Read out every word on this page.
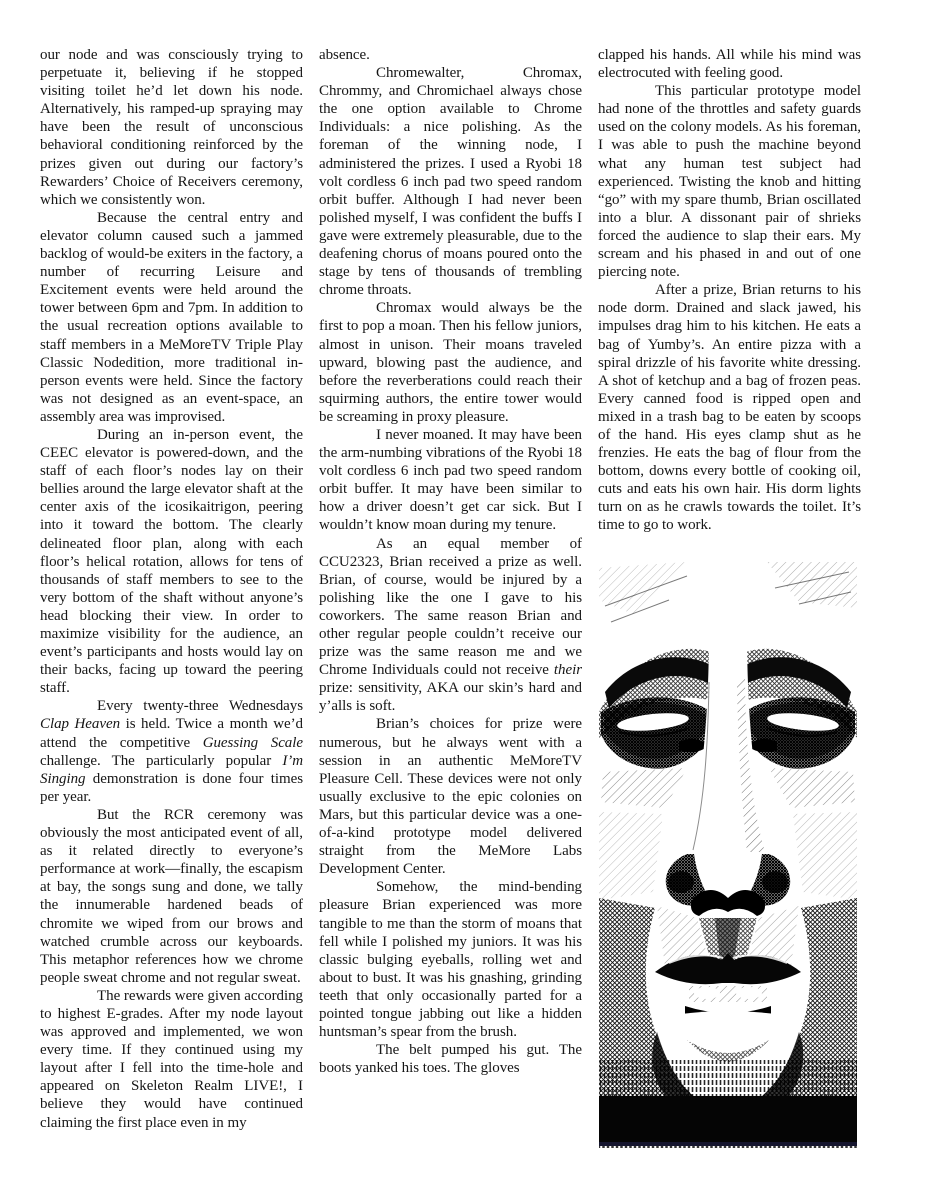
our node and was consciously trying to perpetuate it, believing if he stopped visiting toilet he’d let down his node. Alternatively, his ramped-up spraying may have been the result of unconscious behavioral conditioning reinforced by the prizes given out during our factory’s Rewarders’ Choice of Receivers ceremony, which we consistently won.

Because the central entry and elevator column caused such a jammed backlog of would-be exiters in the factory, a number of recurring Leisure and Excitement events were held around the tower between 6pm and 7pm. In addition to the usual recreation options available to staff members in a MeMoreTV Triple Play Classic Nodedition, more traditional in-person events were held. Since the factory was not designed as an event-space, an assembly area was improvised.

During an in-person event, the CEEC elevator is powered-down, and the staff of each floor’s nodes lay on their bellies around the large elevator shaft at the center axis of the icosikaitrigon, peering into it toward the bottom. The clearly delineated floor plan, along with each floor’s helical rotation, allows for tens of thousands of staff members to see to the very bottom of the shaft without anyone’s head blocking their view. In order to maximize visibility for the audience, an event’s participants and hosts would lay on their backs, facing up toward the peering staff.

Every twenty-three Wednesdays Clap Heaven is held. Twice a month we’d attend the competitive Guessing Scale challenge. The particularly popular I’m Singing demonstration is done four times per year.

But the RCR ceremony was obviously the most anticipated event of all, as it related directly to everyone’s performance at work—finally, the escapism at bay, the songs sung and done, we tally the innumerable hardened beads of chromite we wiped from our brows and watched crumble across our keyboards. This metaphor references how we chrome people sweat chrome and not regular sweat.

The rewards were given according to highest E-grades. After my node layout was approved and implemented, we won every time. If they continued using my layout after I fell into the time-hole and appeared on Skeleton Realm LIVE!, I believe they would have continued claiming the first place even in my

absence.

Chromewalter, Chromax, Chrommy, and Chromichael always chose the one option available to Chrome Individuals: a nice polishing. As the foreman of the winning node, I administered the prizes. I used a Ryobi 18 volt cordless 6 inch pad two speed random orbit buffer. Although I had never been polished myself, I was confident the buffs I gave were extremely pleasurable, due to the deafening chorus of moans poured onto the stage by tens of thousands of trembling chrome throats.

Chromax would always be the first to pop a moan. Then his fellow juniors, almost in unison. Their moans traveled upward, blowing past the audience, and before the reverberations could reach their squirming authors, the entire tower would be screaming in proxy pleasure.

I never moaned. It may have been the arm-numbing vibrations of the Ryobi 18 volt cordless 6 inch pad two speed random orbit buffer. It may have been similar to how a driver doesn’t get car sick. But I wouldn’t know moan during my tenure.

As an equal member of CCU2323, Brian received a prize as well. Brian, of course, would be injured by a polishing like the one I gave to his coworkers. The same reason Brian and other regular people couldn’t receive our prize was the same reason me and we Chrome Individuals could not receive their prize: sensitivity, AKA our skin’s hard and y’alls is soft.

Brian’s choices for prize were numerous, but he always went with a session in an authentic MeMoreTV Pleasure Cell. These devices were not only usually exclusive to the epic colonies on Mars, but this particular device was a one-of-a-kind prototype model delivered straight from the MeMore Labs Development Center.

Somehow, the mind-bending pleasure Brian experienced was more tangible to me than the storm of moans that fell while I polished my juniors. It was his classic bulging eyeballs, rolling wet and about to bust. It was his gnashing, grinding teeth that only occasionally parted for a pointed tongue jabbing out like a hidden huntsman’s spear from the brush.

The belt pumped his gut. The boots yanked his toes. The gloves

clapped his hands. All while his mind was electrocuted with feeling good.

This particular prototype model had none of the throttles and safety guards used on the colony models. As his foreman, I was able to push the machine beyond what any human test subject had experienced. Twisting the knob and hitting “go” with my spare thumb, Brian oscillated into a blur. A dissonant pair of shrieks forced the audience to slap their ears. My scream and his phased in and out of one piercing note.

After a prize, Brian returns to his node dorm. Drained and slack jawed, his impulses drag him to his kitchen. He eats a bag of Yumby’s. An entire pizza with a spiral drizzle of his favorite white dressing. A shot of ketchup and a bag of frozen peas. Every canned food is ripped open and mixed in a trash bag to be eaten by scoops of the hand. His eyes clamp shut as he frenzies. He eats the bag of flour from the bottom, downs every bottle of cooking oil, cuts and eats his own hair. His dorm lights turn on as he crawls towards the toilet. It’s time to go to work.
